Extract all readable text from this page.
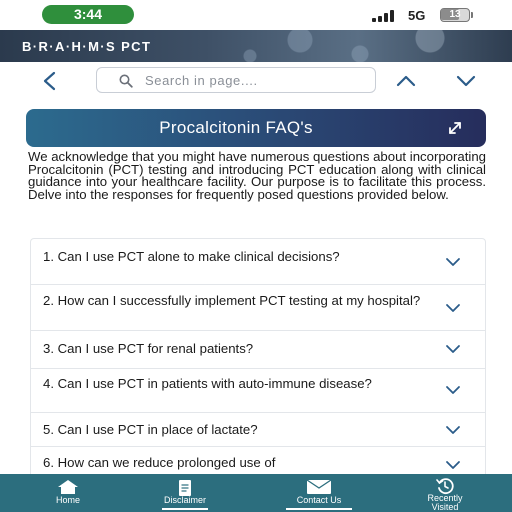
3:44	5G	13
B·R·A·H·M·S PCT
Search in page....
Procalcitonin FAQ's
We acknowledge that you might have numerous questions about incorporating Procalcitonin (PCT) testing and introducing PCT education along with clinical guidance into your healthcare facility. Our purpose is to facilitate this process. Delve into the responses for frequently posed questions provided below.
1. Can I use PCT alone to make clinical decisions?
2. How can I successfully implement PCT testing at my hospital?
3. Can I use PCT for renal patients?
4. Can I use PCT in patients with auto-immune disease?
5. Can I use PCT in place of lactate?
6. How can we reduce prolonged use of
Home	Disclaimer	Contact Us	Recently Visited
